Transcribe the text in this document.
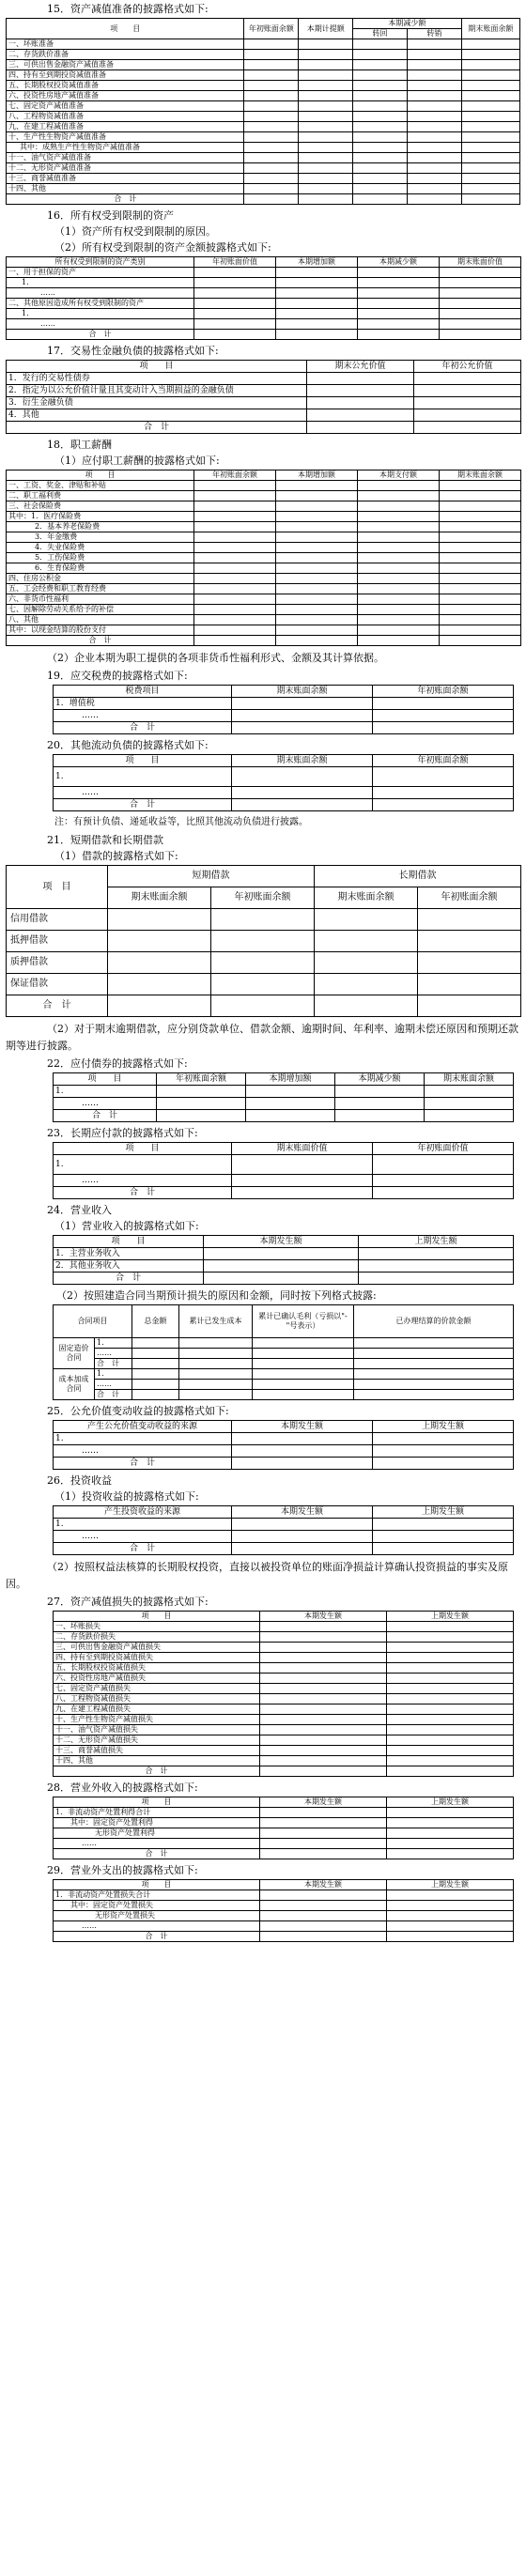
15．资产减值准备的披露格式如下:
项　　目	年初账面余额	本期计提额	本期减少额		期末账面余额
			转回	转销	
一、坏账准备					
二、存货跌价准备					
三、可供出售金融资产减值准备					
四、持有至到期投资减值准备					
五、长期股权投资减值准备					
六、投资性房地产减值准备					
七、固定资产减值准备					
八、工程物资减值准备					
九、在建工程减值准备					
十、生产性生物资产减值准备					
其中：成熟生产性生物资产减值准备					
十一、油气资产减值准备					
十二、无形资产减值准备					
十三、商誉减值准备					
十四、其他					
合　计					
16．所有权受到限制的资产
（1）资产所有权受到限制的原因。
（2）所有权受到限制的资产金额披露格式如下:
所有权受到限制的资产类别	年初账面价值	本期增加额	本期减少额	期末账面价值
一、用于担保的资产				
1.				
……				
二、其他原因造成所有权受到限制的资产				
1.				
……				
合　计				
17．交易性金融负债的披露格式如下:
项　　目	期末公允价值	年初公允价值
1．发行的交易性债券		
2．指定为以公允价值计量且其变动计入当期损益的金融负债		
3．衍生金融负债		
4．其他		
合　计		
18．职工薪酬
（1）应付职工薪酬的披露格式如下:
项　　目	年初账面余额	本期增加额	本期支付额	期末账面余额
一、工资、奖金、津贴和补贴				
二、职工福利费				
三、社会保险费				
其中：1．医疗保险费				
2．基本养老保险费				
3．年金缴费				
4．失业保险费				
5．工伤保险费				
6．生育保险费				
四、住房公积金				
五、工会经费和职工教育经费				
六、非货币性福利				
七、因解除劳动关系给予的补偿				
八、其他				
其中：以现金结算的股份支付				
合　计				
（2）企业本期为职工提供的各项非货币性福利形式、金额及其计算依据。
19．应交税费的披露格式如下:
税费项目	期末账面余额	年初账面余额
1．增值税		
……		
合　计		
20．其他流动负债的披露格式如下:
项　　目	期末账面余额	年初账面余额
1.		
……		
合　计		
注：有预计负债、递延收益等，比照其他流动负债进行披露。
21．短期借款和长期借款
（1）借款的披露格式如下:
项　目	短期借款		长期借款	
	期末账面余额	年初账面余额	期末账面余额	年初账面余额
信用借款				
抵押借款				
质押借款				
保证借款				
合　计				
（2）对于期末逾期借款，应分别贷款单位、借款金额、逾期时间、年利率、逾期未偿还原因和预期还款期等进行披露。
22．应付债券的披露格式如下:
项　　目	年初账面余额	本期增加额	本期减少额	期末账面余额
1.				
……				
合　计				
23．长期应付款的披露格式如下:
项　　目	期末账面价值	年初账面价值
1.		
……		
合　计		
24．营业收入
（1）营业收入的披露格式如下:
项　　目	本期发生额	上期发生额
1．主营业务收入		
2．其他业务收入		
合　计		
（2）按照建造合同当期预计损失的原因和金额，同时按下列格式披露:
合同项目		总金额	累计已发生成本	累计已确认毛利（亏损以"-"号表示）	已办理结算的价款金额
固定造价合同	1.				
	……				
	合　计				
成本加成合同	1.				
	……				
	合　计				
25．公允价值变动收益的披露格式如下:
产生公允价值变动收益的来源	本期发生额	上期发生额
1.		
……		
合　计		
26．投资收益
（1）投资收益的披露格式如下:
产生投资收益的来源	本期发生额	上期发生额
1.		
……		
合　计		
（2）按照权益法核算的长期股权投资，直接以被投资单位的账面净损益计算确认投资损益的事实及原因。
27．资产减值损失的披露格式如下:
项　　目	本期发生额	上期发生额
一、坏账损失		
二、存货跌价损失		
三、可供出售金融资产减值损失		
四、持有至到期投资减值损失		
五、长期股权投资减值损失		
六、投资性房地产减值损失		
七、固定资产减值损失		
八、工程物资减值损失		
九、在建工程减值损失		
十、生产性生物资产减值损失		
十一、油气资产减值损失		
十二、无形资产减值损失		
十三、商誉减值损失		
十四、其他		
合　计		
28．营业外收入的披露格式如下:
项　　目	本期发生额	上期发生额
1．非流动资产处置利得合计		
其中：固定资产处置利得		
无形资产处置利得		
……		
合　计		
29．营业外支出的披露格式如下:
项　　目	本期发生额	上期发生额
1．非流动资产处置损失合计		
其中：固定资产处置损失		
无形资产处置损失		
……		
合　计		
